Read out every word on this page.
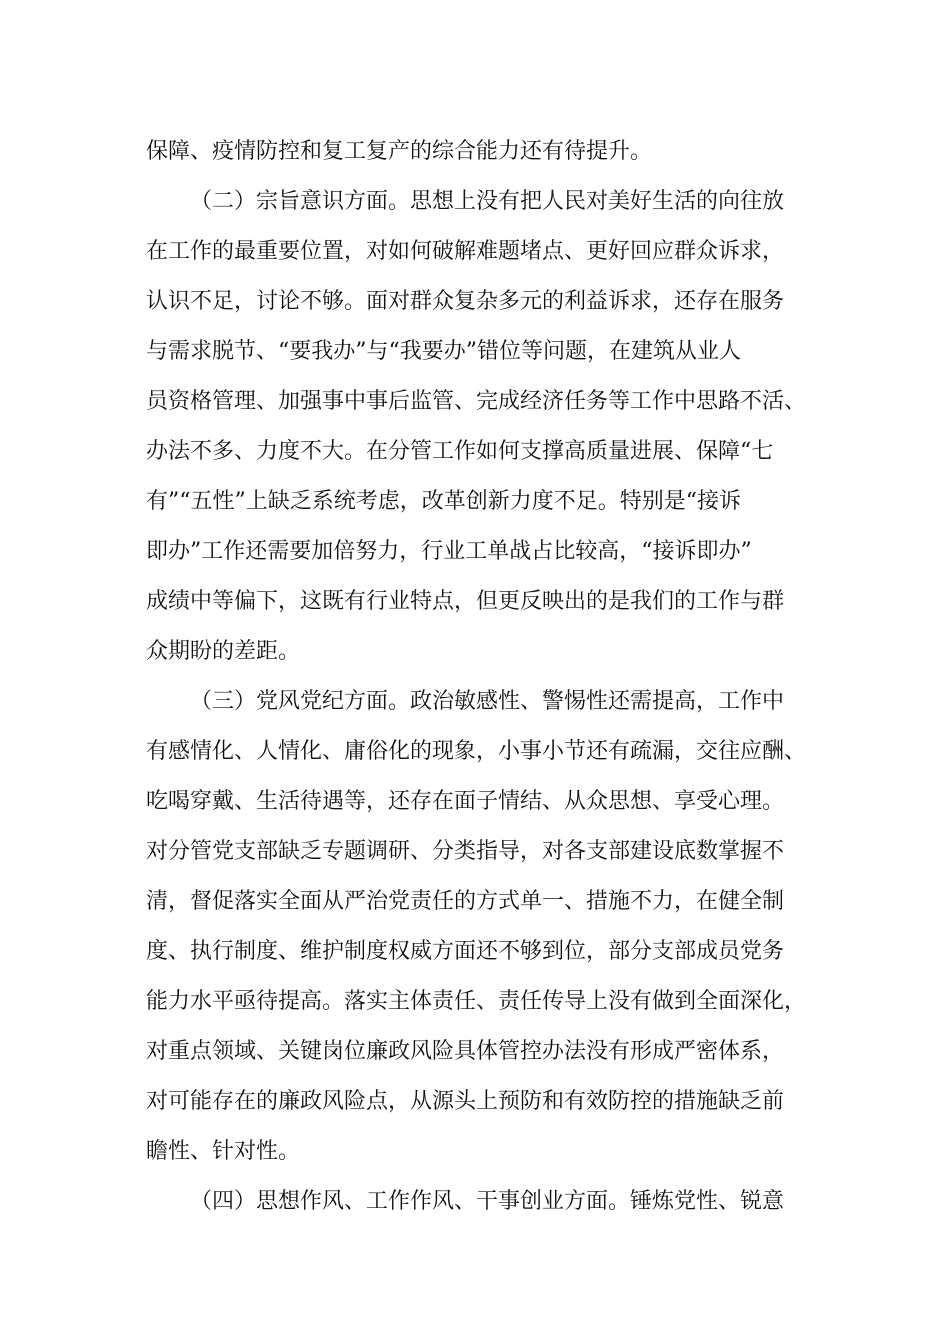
保障、疫情防控和复工复产的综合能力还有待提升。
（二）宗旨意识方面。思想上没有把人民对美好生活的向往放
在工作的最重要位置，对如何破解难题堵点、更好回应群众诉求，
认识不足，讨论不够。面对群众复杂多元的利益诉求，还存在服务
与需求脱节、“要我办”与“我要办”错位等问题，在建筑从业人
员资格管理、加强事中事后监管、完成经济任务等工作中思路不活、
办法不多、力度不大。在分管工作如何支撑高质量进展、保障“七
有”“五性”上缺乏系统考虑，改革创新力度不足。特别是“接诉
即办”工作还需要加倍努力，行业工单战占比较高，“接诉即办”
成绩中等偏下，这既有行业特点，但更反映出的是我们的工作与群
众期盼的差距。
（三）党风党纪方面。政治敏感性、警惕性还需提高，工作中
有感情化、人情化、庸俗化的现象，小事小节还有疏漏，交往应酬、
吃喝穿戴、生活待遇等，还存在面子情结、从众思想、享受心理。
对分管党支部缺乏专题调研、分类指导，对各支部建设底数掌握不
清，督促落实全面从严治党责任的方式单一、措施不力，在健全制
度、执行制度、维护制度权威方面还不够到位，部分支部成员党务
能力水平亟待提高。落实主体责任、责任传导上没有做到全面深化，
对重点领域、关键岗位廉政风险具体管控办法没有形成严密体系，
对可能存在的廉政风险点，从源头上预防和有效防控的措施缺乏前
瞻性、针对性。
（四）思想作风、工作作风、干事创业方面。锤炼党性、锐意
